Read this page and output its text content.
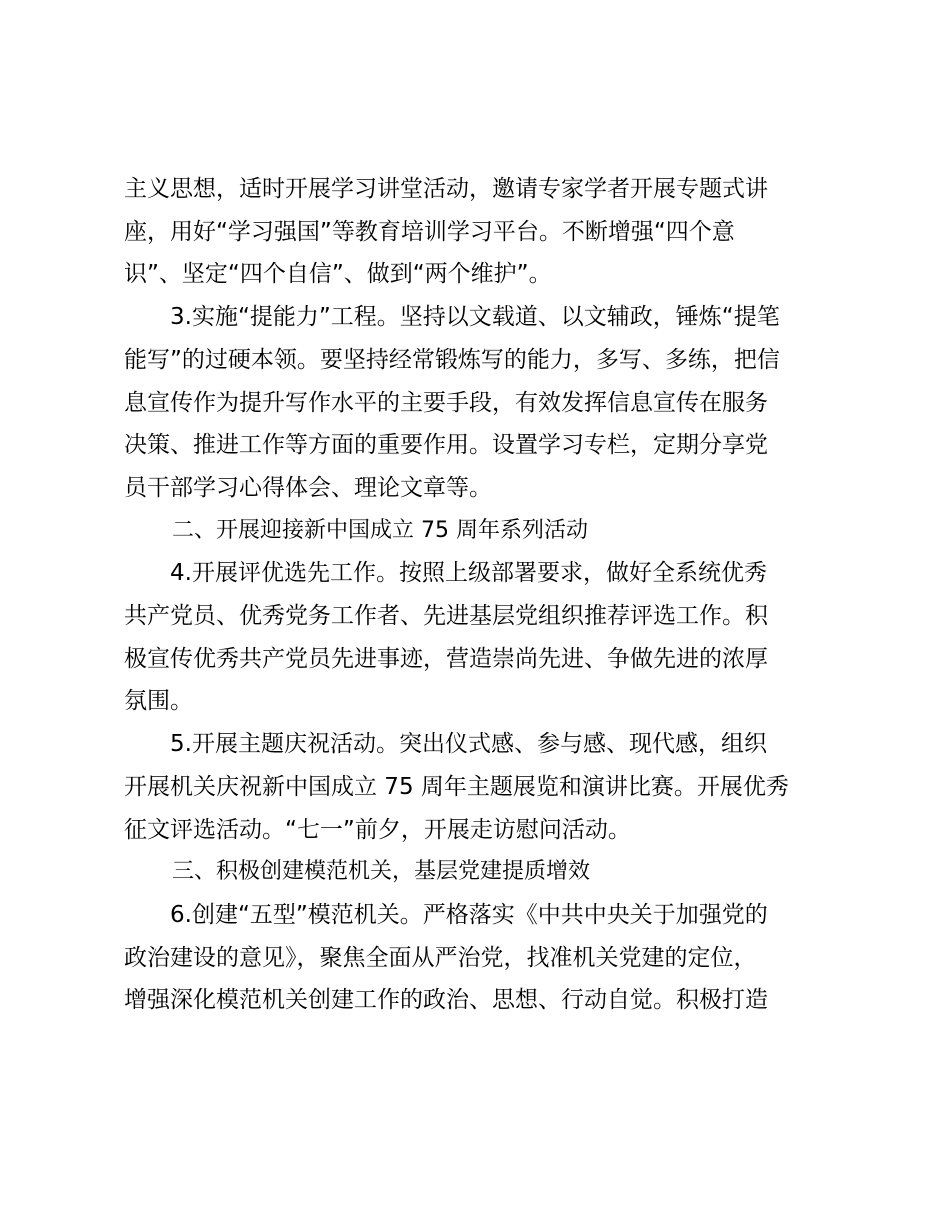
主义思想，适时开展学习讲堂活动，邀请专家学者开展专题式讲
座，用好“学习强国”等教育培训学习平台。不断增强“四个意
识”、坚定“四个自信”、做到“两个维护”。

3.实施“提能力”工程。坚持以文载道、以文辅政，锤炼“提笔
能写”的过硬本领。要坚持经常锻炼写的能力，多写、多练，把信
息宣传作为提升写作水平的主要手段，有效发挥信息宣传在服务
决策、推进工作等方面的重要作用。设置学习专栏，定期分享党
员干部学习心得体会、理论文章等。

二、开展迎接新中国成立 75 周年系列活动

4.开展评优选先工作。按照上级部署要求，做好全系统优秀
共产党员、优秀党务工作者、先进基层党组织推荐评选工作。积
极宣传优秀共产党员先进事迹，营造崇尚先进、争做先进的浓厚
氛围。

5.开展主题庆祝活动。突出仪式感、参与感、现代感，组织
开展机关庆祝新中国成立 75 周年主题展览和演讲比赛。开展优秀
征文评选活动。“七一”前夕，开展走访慰问活动。

三、积极创建模范机关，基层党建提质增效

6.创建“五型”模范机关。严格落实《中共中央关于加强党的
政治建设的意见》，聚焦全面从严治党，找准机关党建的定位，
增强深化模范机关创建工作的政治、思想、行动自觉。积极打造
